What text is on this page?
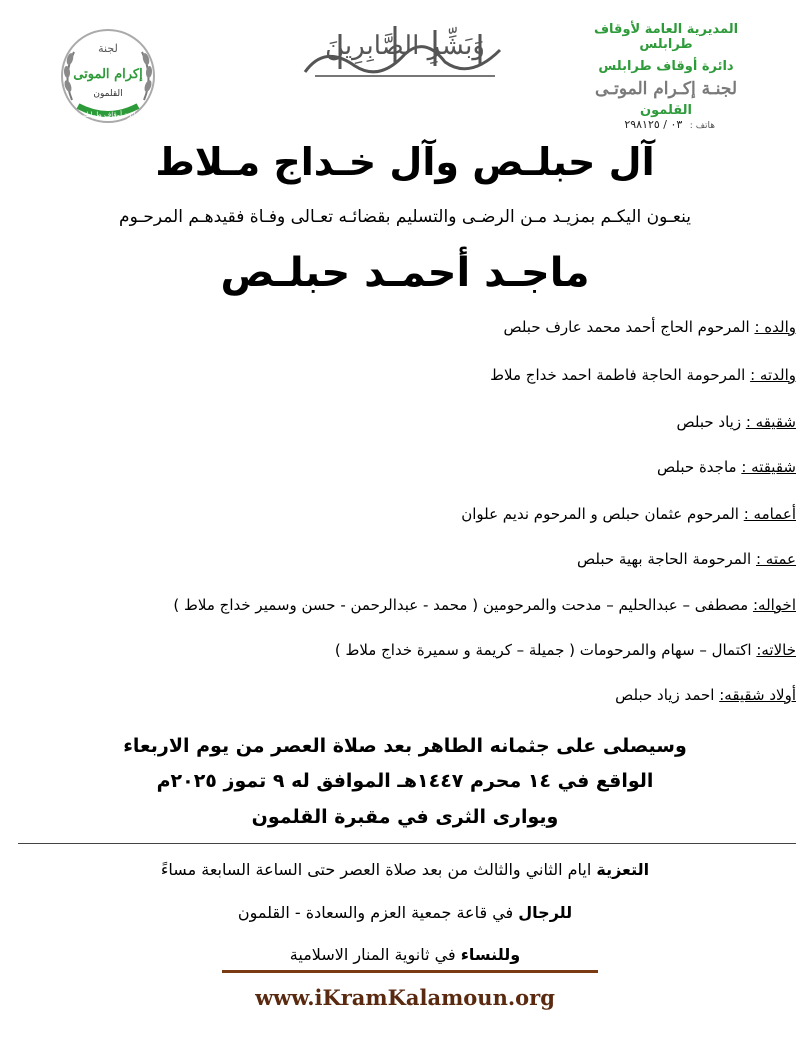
المديرية العامة لأوقاف طرابلس
دائرة أوقاف طرابلس
لجنـة إكـرام الموتـى
القلمون
هاتف : ٠٣ / ٢٩٨١٢٥
وَبَشِّرِ الصَّابِرِينَ
لجنة
إكرام الموتى
القلمون
دائرة أوقاف طرابلس
آل حبلـص وآل خـداج مـلاط
ينعـون اليكـم بمزيـد مـن الرضـى والتسليم بقضائـه تعـالى وفـاة فقيدهـم المرحـوم
ماجـد أحمـد حبلـص
والده : المرحوم الحاج أحمد محمد عارف حبلص
والدته : المرحومة الحاجة فاطمة احمد خداج ملاط
شقيقه : زياد حبلص
شقيقته : ماجدة حبلص
أعمامه : المرحوم عثمان حبلص و المرحوم نديم علوان
عمته : المرحومة الحاجة بهية حبلص
اخواله: مصطفى – عبدالحليم – مدحت والمرحومين ( محمد - عبدالرحمن - حسن وسمير خداج ملاط )
خالاته: اكتمال – سهام والمرحومات ( جميلة – كريمة و سميرة خداج ملاط )
أولاد شقيقه: احمد زياد حبلص
وسيصلى على جثمانه الطاهر بعد صلاة العصر من يوم الاربعاء
الواقع في ١٤ محرم ١٤٤٧هـ الموافق له ٩ تموز ٢٠٢٥م
ويوارى الثرى في مقبرة القلمون
التعزية ايام الثاني والثالث من بعد صلاة العصر حتى الساعة السابعة مساءً
للرجال في قاعة جمعية العزم والسعادة - القلمون
وللنساء في ثانوية المنار الاسلامية
www.iKramKalamoun.org
